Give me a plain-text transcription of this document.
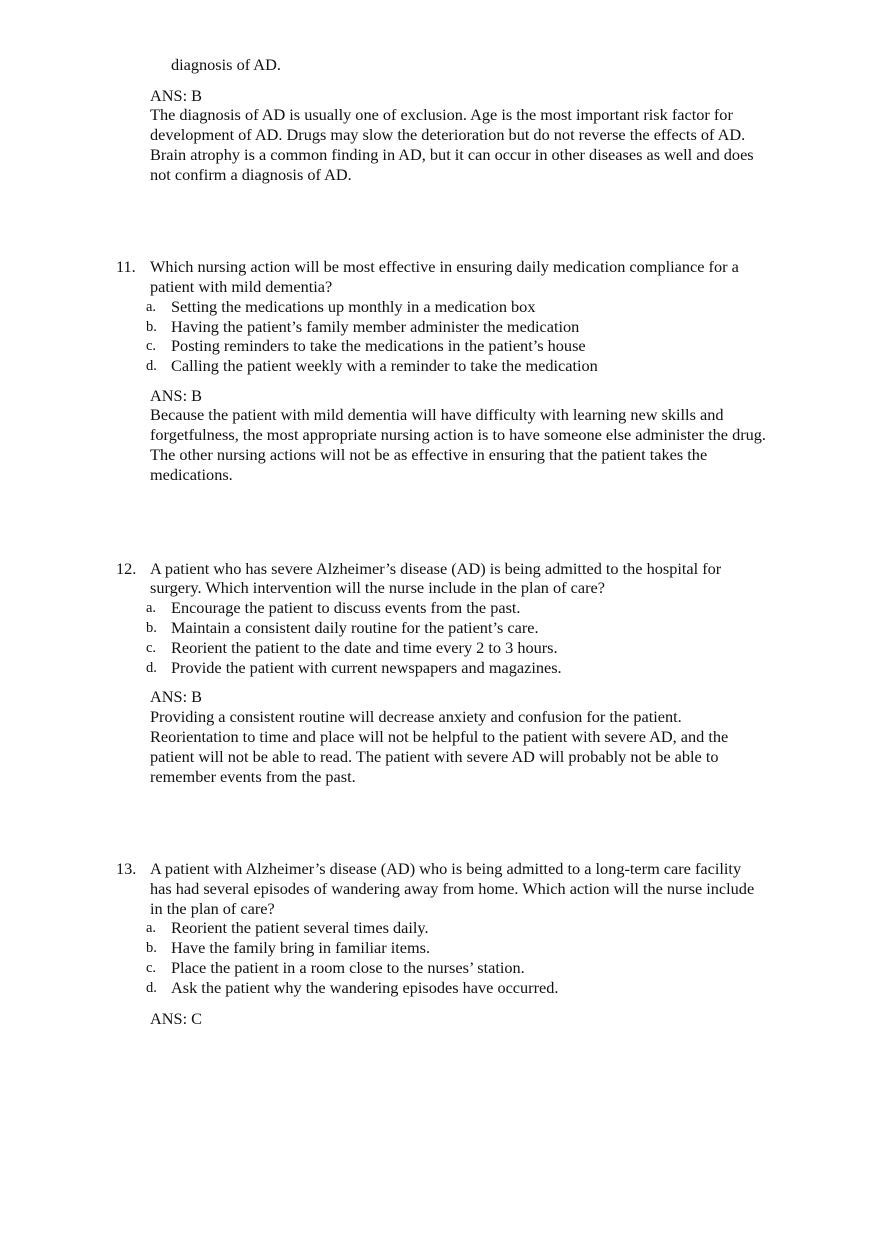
diagnosis of AD.
ANS: B
The diagnosis of AD is usually one of exclusion. Age is the most important risk factor for
development of AD. Drugs may slow the deterioration but do not reverse the effects of AD.
Brain atrophy is a common finding in AD, but it can occur in other diseases as well and does
not confirm a diagnosis of AD.
11. Which nursing action will be most effective in ensuring daily medication compliance for a
patient with mild dementia?
a. Setting the medications up monthly in a medication box
b. Having the patient’s family member administer the medication
c. Posting reminders to take the medications in the patient’s house
d. Calling the patient weekly with a reminder to take the medication
ANS: B
Because the patient with mild dementia will have difficulty with learning new skills and
forgetfulness, the most appropriate nursing action is to have someone else administer the drug.
The other nursing actions will not be as effective in ensuring that the patient takes the
medications.
12. A patient who has severe Alzheimer’s disease (AD) is being admitted to the hospital for
surgery. Which intervention will the nurse include in the plan of care?
a. Encourage the patient to discuss events from the past.
b. Maintain a consistent daily routine for the patient’s care.
c. Reorient the patient to the date and time every 2 to 3 hours.
d. Provide the patient with current newspapers and magazines.
ANS: B
Providing a consistent routine will decrease anxiety and confusion for the patient.
Reorientation to time and place will not be helpful to the patient with severe AD, and the
patient will not be able to read. The patient with severe AD will probably not be able to
remember events from the past.
13. A patient with Alzheimer’s disease (AD) who is being admitted to a long-term care facility
has had several episodes of wandering away from home. Which action will the nurse include
in the plan of care?
a. Reorient the patient several times daily.
b. Have the family bring in familiar items.
c. Place the patient in a room close to the nurses’ station.
d. Ask the patient why the wandering episodes have occurred.
ANS: C
